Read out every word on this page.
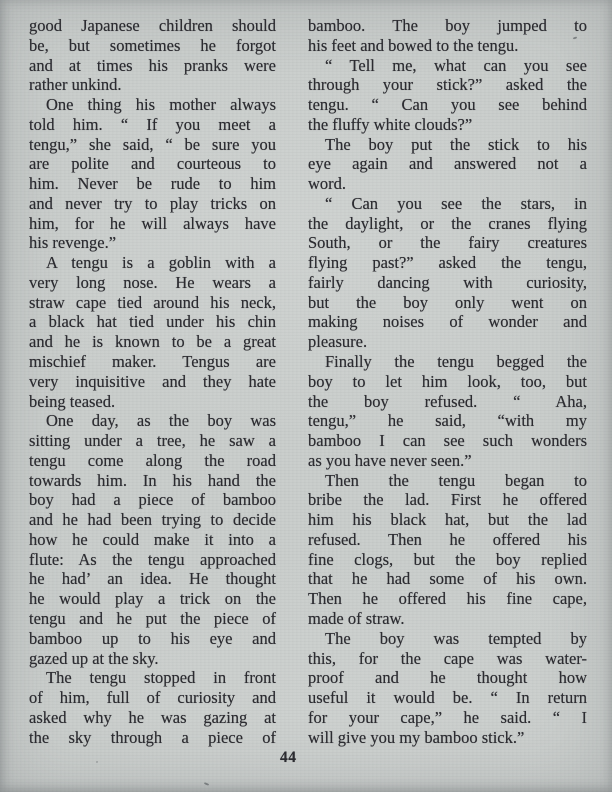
good Japanese children should
be, but sometimes he forgot
and at times his pranks were
rather unkind.
One thing his mother always
told him. “ If you meet a
tengu,” she said, “ be sure you
are polite and courteous to
him. Never be rude to him
and never try to play tricks on
him, for he will always have
his revenge.”
A tengu is a goblin with a
very long nose. He wears a
straw cape tied around his neck,
a black hat tied under his chin
and he is known to be a great
mischief maker. Tengus are
very inquisitive and they hate
being teased.
One day, as the boy was
sitting under a tree, he saw a
tengu come along the road
towards him. In his hand the
boy had a piece of bamboo
and he had been trying to decide
how he could make it into a
flute: As the tengu approached
he had’ an idea. He thought
he would play a trick on the
tengu and he put the piece of
bamboo up to his eye and
gazed up at the sky.
The tengu stopped in front
of him, full of curiosity and
asked why he was gazing at
the sky through a piece of
bamboo. The boy jumped to
his feet and bowed to the tengu.
“ Tell me, what can you see
through your stick?” asked the
tengu. “ Can you see behind
the fluffy white clouds?”
The boy put the stick to his
eye again and answered not a
word.
“ Can you see the stars, in
the daylight, or the cranes flying
South, or the fairy creatures
flying past?” asked the tengu,
fairly dancing with curiosity,
but the boy only went on
making noises of wonder and
pleasure.
Finally the tengu begged the
boy to let him look, too, but
the boy refused. “ Aha,
tengu,” he said, “with my
bamboo I can see such wonders
as you have never seen.”
Then the tengu began to
bribe the lad. First he offered
him his black hat, but the lad
refused. Then he offered his
fine clogs, but the boy replied
that he had some of his own.
Then he offered his fine cape,
made of straw.
The boy was tempted by
this, for the cape was water-
proof and he thought how
useful it would be. “ In return
for your cape,” he said. “ I
will give you my bamboo stick.”
44
